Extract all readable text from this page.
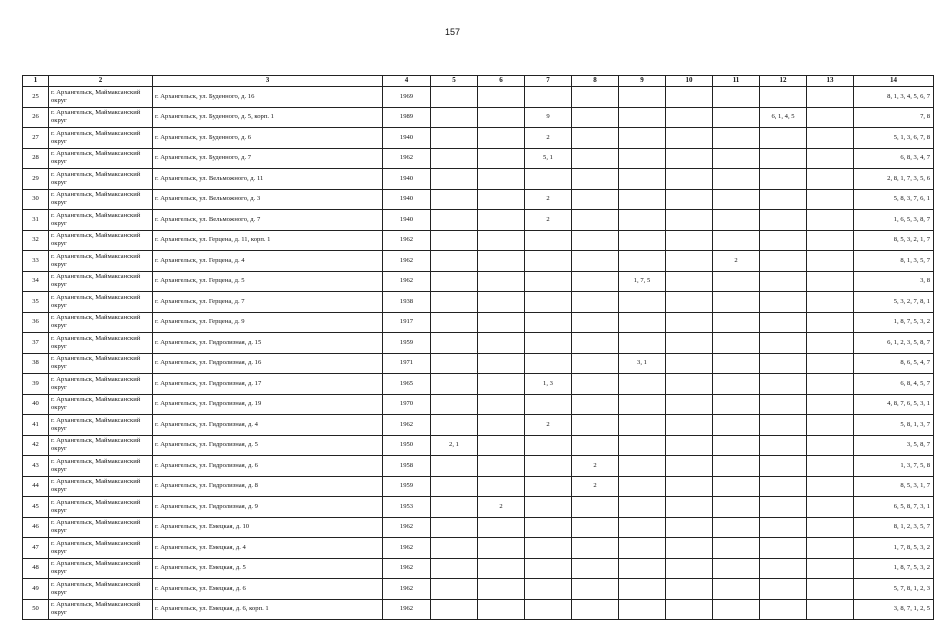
157
1	2	3	4	5	6	7	8	9	10	11	12	13	14
25	г. Архангельск, Маймаксанский округ	г. Архангельск, ул. Буденного, д. 16	1969										8, 1, 3, 4, 5, 6, 7
26	г. Архангельск, Маймаксанский округ	г. Архангельск, ул. Буденного, д. 5, корп. 1	1989			9					6, 1, 4, 5		7, 8
27	г. Архангельск, Маймаксанский округ	г. Архангельск, ул. Буденного, д. 6	1940			2							5, 1, 3, 6, 7, 8
28	г. Архангельск, Маймаксанский округ	г. Архангельск, ул. Буденного, д. 7	1962			5, 1							6, 8, 3, 4, 7
29	г. Архангельск, Маймаксанский округ	г. Архангельск, ул. Вельможного, д. 11	1940										2, 8, 1, 7, 3, 5, 6
30	г. Архангельск, Маймаксанский округ	г. Архангельск, ул. Вельможного, д. 3	1940			2							5, 8, 3, 7, 6, 1
31	г. Архангельск, Маймаксанский округ	г. Архангельск, ул. Вельможного, д. 7	1940			2							1, 6, 5, 3, 8, 7
32	г. Архангельск, Маймаксанский округ	г. Архангельск, ул. Герцена, д. 11, корп. 1	1962										8, 5, 3, 2, 1, 7
33	г. Архангельск, Маймаксанский округ	г. Архангельск, ул. Герцена, д. 4	1962							2			8, 1, 3, 5, 7
34	г. Архангельск, Маймаксанский округ	г. Архангельск, ул. Герцена, д. 5	1962					1, 7, 5					3, 8
35	г. Архангельск, Маймаксанский округ	г. Архангельск, ул. Герцена, д. 7	1938										5, 3, 2, 7, 8, 1
36	г. Архангельск, Маймаксанский округ	г. Архангельск, ул. Герцена, д. 9	1917										1, 8, 7, 5, 3, 2
37	г. Архангельск, Маймаксанский округ	г. Архангельск, ул. Гидролизная, д. 15	1959										6, 1, 2, 3, 5, 8, 7
38	г. Архангельск, Маймаксанский округ	г. Архангельск, ул. Гидролизная, д. 16	1971					3, 1					8, 6, 5, 4, 7
39	г. Архангельск, Маймаксанский округ	г. Архангельск, ул. Гидролизная, д. 17	1965			1, 3							6, 8, 4, 5, 7
40	г. Архангельск, Маймаксанский округ	г. Архангельск, ул. Гидролизная, д. 19	1970										4, 8, 7, 6, 5, 3, 1
41	г. Архангельск, Маймаксанский округ	г. Архангельск, ул. Гидролизная, д. 4	1962			2							5, 8, 1, 3, 7
42	г. Архангельск, Маймаксанский округ	г. Архангельск, ул. Гидролизная, д. 5	1950	2, 1									3, 5, 8, 7
43	г. Архангельск, Маймаксанский округ	г. Архангельск, ул. Гидролизная, д. 6	1958				2						1, 3, 7, 5, 8
44	г. Архангельск, Маймаксанский округ	г. Архангельск, ул. Гидролизная, д. 8	1959				2						8, 5, 3, 1, 7
45	г. Архангельск, Маймаксанский округ	г. Архангельск, ул. Гидролизная, д. 9	1953		2								6, 5, 8, 7, 3, 1
46	г. Архангельск, Маймаксанский округ	г. Архангельск, ул. Емецкая, д. 10	1962										8, 1, 2, 3, 5, 7
47	г. Архангельск, Маймаксанский округ	г. Архангельск, ул. Емецкая, д. 4	1962										1, 7, 8, 5, 3, 2
48	г. Архангельск, Маймаксанский округ	г. Архангельск, ул. Емецкая, д. 5	1962										1, 8, 7, 5, 3, 2
49	г. Архангельск, Маймаксанский округ	г. Архангельск, ул. Емецкая, д. 6	1962										5, 7, 8, 1, 2, 3
50	г. Архангельск, Маймаксанский округ	г. Архангельск, ул. Емецкая, д. 6, корп. 1	1962										3, 8, 7, 1, 2, 5
